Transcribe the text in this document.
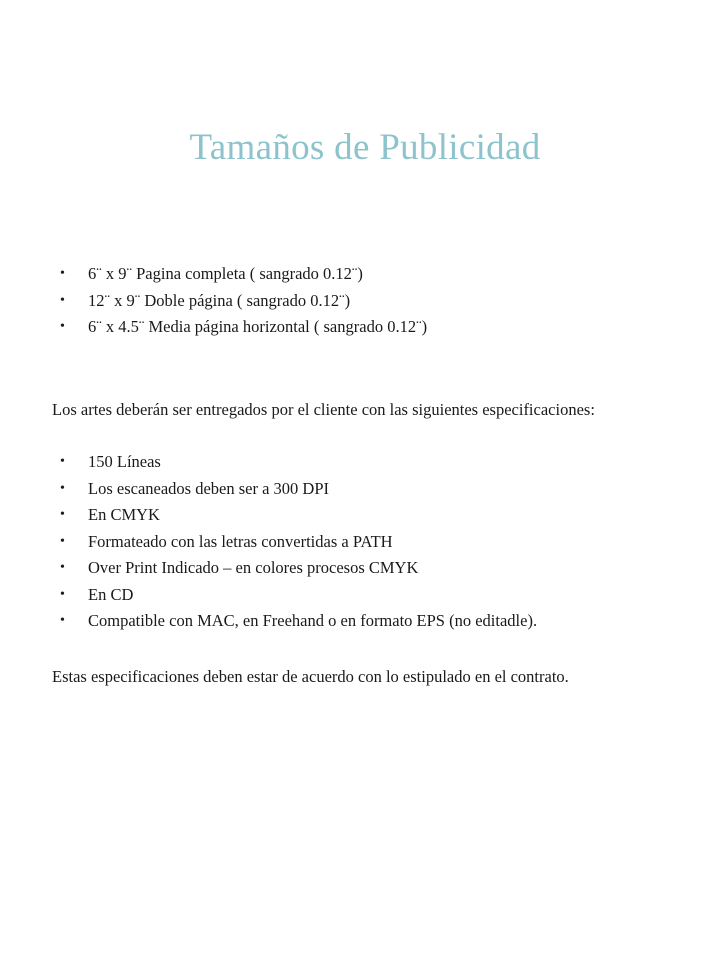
Tamaños de Publicidad
• 6¨ x 9¨ Pagina completa ( sangrado 0.12¨)
• 12¨ x 9¨ Doble página ( sangrado 0.12¨)
• 6¨ x 4.5¨ Media página horizontal ( sangrado 0.12¨)

Los artes deberán ser entregados por el cliente con las siguientes especificaciones:

• 150 Líneas
• Los escaneados deben ser a 300 DPI
• En CMYK
• Formateado con las letras convertidas a PATH
• Over Print Indicado – en colores procesos CMYK
• En CD
• Compatible con MAC, en Freehand o en formato EPS (no editadle).

Estas especificaciones deben estar de acuerdo con lo estipulado en el contrato.
